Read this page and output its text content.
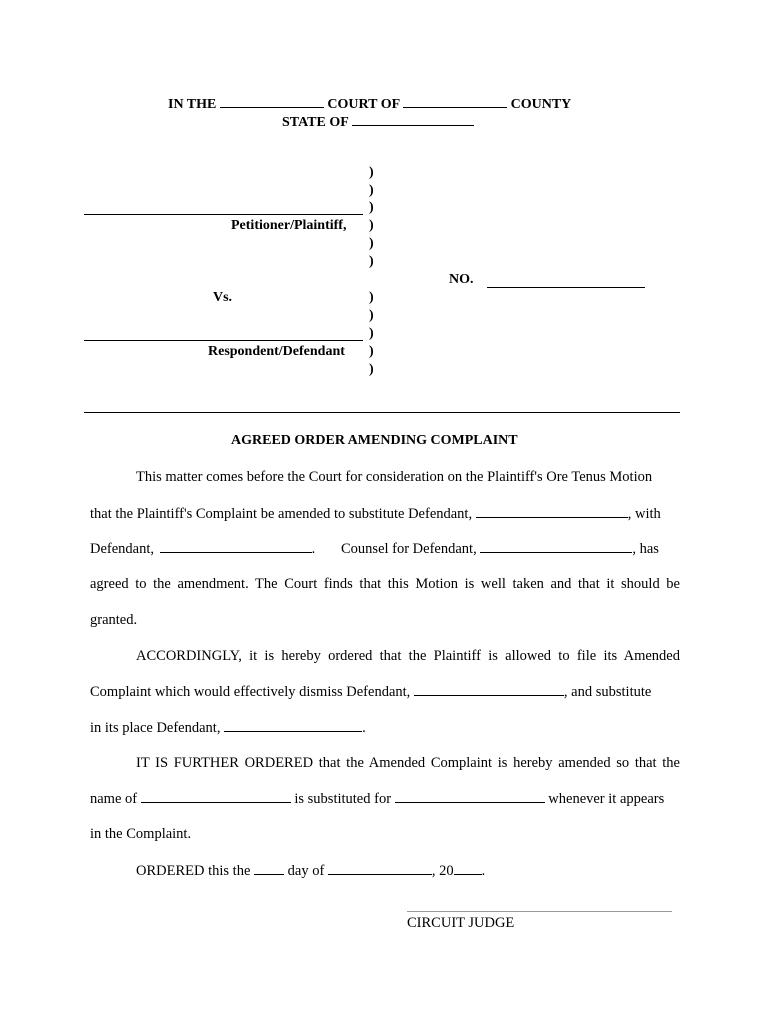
IN THE	COURT OF	COUNTY
STATE OF
)
)
)
)
)
)
)
)
)
)
)
Petitioner/Plaintiff,
Vs.
Respondent/Defendant
NO.
AGREED ORDER AMENDING COMPLAINT
This matter comes before the Court for consideration on the Plaintiff's Ore Tenus Motion
that the Plaintiff's Complaint be amended to substitute Defendant,	, with
Defendant,	. Counsel for Defendant,	, has
agreed to the amendment. The Court finds that this Motion is well taken and that it should be
granted.
ACCORDINGLY, it is hereby ordered that the Plaintiff is allowed to file its Amended
Complaint which would effectively dismiss Defendant,	, and substitute
in its place Defendant,	.
IT IS FURTHER ORDERED that the Amended Complaint is hereby amended so that the
name of	is substituted for	whenever it appears
in the Complaint.
ORDERED this the	day of	, 20 .
CIRCUIT JUDGE
